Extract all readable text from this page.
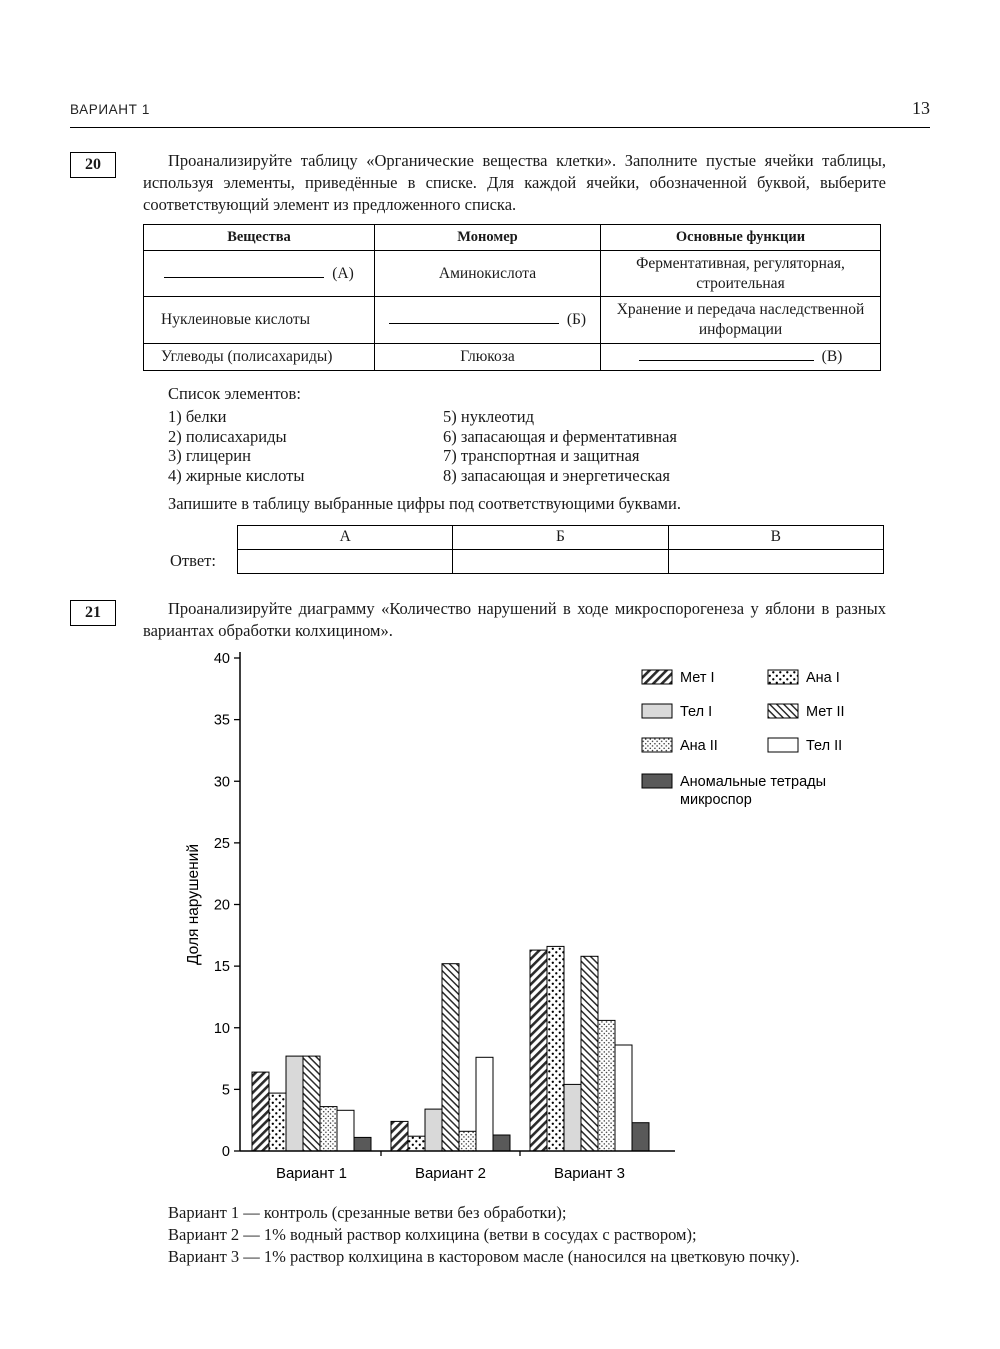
ВАРИАНТ 1	13
20	Проанализируйте таблицу «Органические вещества клетки». Заполните пустые ячейки таблицы, используя элементы, приведённые в списке. Для каждой ячейки, обозначенной буквой, выберите соответствующий элемент из предложенного списка.

Вещества	Мономер	Основные функции
(А)	Аминокислота	Ферментативная, регуляторная, строительная
Нуклеиновые кислоты	(Б)	Хранение и передача наследственной информации
Углеводы (полисахариды)	Глюкоза	(В)

Список элементов:

1) белки
2) полисахариды
3) глицерин
4) жирные кислоты
5) нуклеотид
6) запасающая и ферментативная
7) транспортная и защитная
8) запасающая и энергетическая

Запишите в таблицу выбранные цифры под соответствующими буквами.

Ответ:
А	Б	В

21	Проанализируйте диаграмму «Количество нарушений в ходе микроспорогенеза у яблони в разных вариантах обработки колхицином».

0
5
10
15
20
25
30
35
40
Вариант 1	Вариант 2	Вариант 3
Доля нарушений
Мет I	Ана I
Тел I	Мет II
Ана II	Тел II
Аномальные тетрады микроспор

Вариант 1 — контроль (срезанные ветви без обработки);

Вариант 2 — 1% водный раствор колхицина (ветви в сосудах с раствором);

Вариант 3 — 1% раствор колхицина в касторовом масле (наносился на цветковую почку).
